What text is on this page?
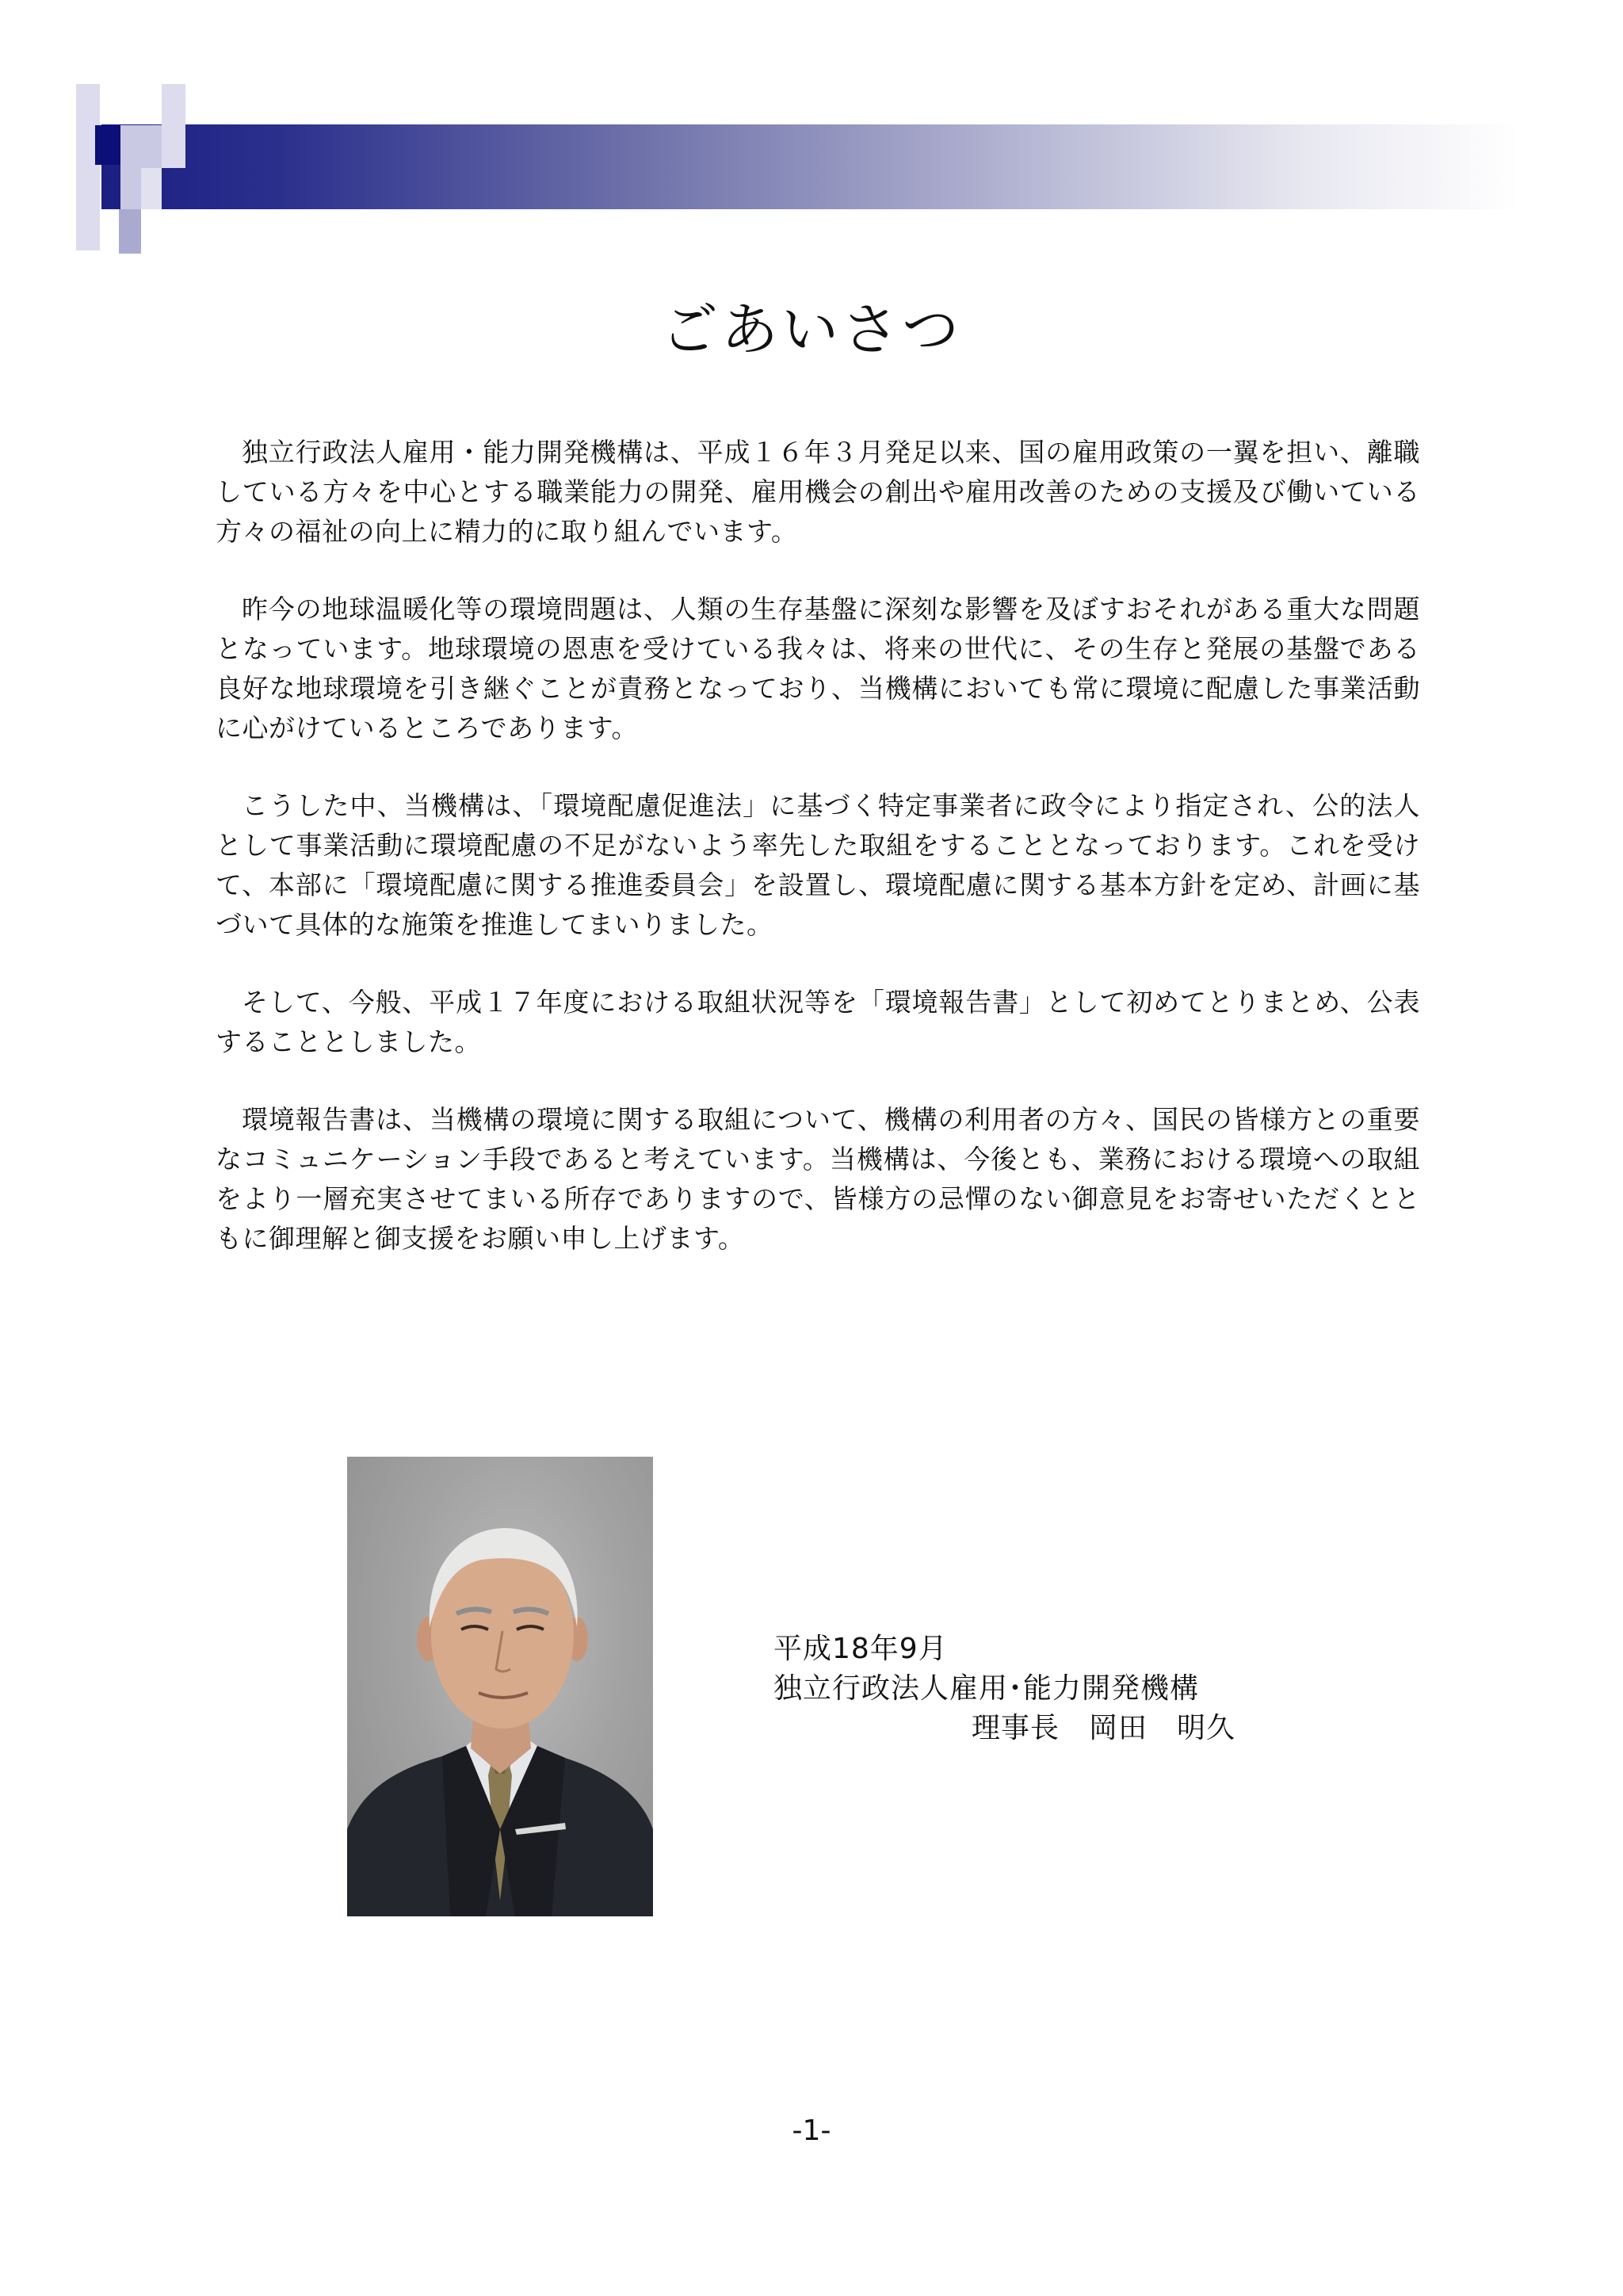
ごあいさつ

独立行政法人雇用・能力開発機構は、平成１６年３月発足以来、国の雇用政策の一翼を担い、離職している方々を中心とする職業能力の開発、雇用機会の創出や雇用改善のための支援及び働いている方々の福祉の向上に精力的に取り組んでいます。

昨今の地球温暖化等の環境問題は、人類の生存基盤に深刻な影響を及ぼすおそれがある重大な問題となっています。地球環境の恩恵を受けている我々は、将来の世代に、その生存と発展の基盤である良好な地球環境を引き継ぐことが責務となっており、当機構においても常に環境に配慮した事業活動に心がけているところであります。

こうした中、当機構は、「環境配慮促進法」に基づく特定事業者に政令により指定され、公的法人として事業活動に環境配慮の不足がないよう率先した取組をすることとなっております。これを受けて、本部に「環境配慮に関する推進委員会」を設置し、環境配慮に関する基本方針を定め、計画に基づいて具体的な施策を推進してまいりました。

そして、今般、平成１７年度における取組状況等を「環境報告書」として初めてとりまとめ、公表することとしました。

環境報告書は、当機構の環境に関する取組について、機構の利用者の方々、国民の皆様方との重要なコミュニケーション手段であると考えています。当機構は、今後とも、業務における環境への取組をより一層充実させてまいる所存でありますので、皆様方の忌憚のない御意見をお寄せいただくとともに御理解と御支援をお願い申し上げます。

平成18年9月
独立行政法人雇用･能力開発機構
理事長　岡田　明久
-1-
